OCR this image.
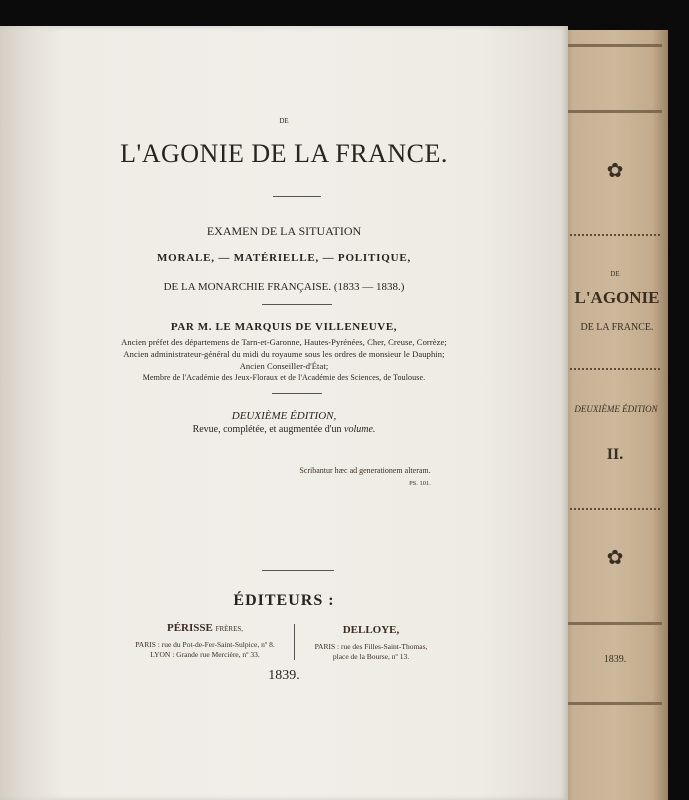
✿
DE
L'AGONIE
DE LA FRANCE.
DEUXIÈME ÉDITION
II.
✿
1839.
DE
L'AGONIE DE LA FRANCE.
EXAMEN DE LA SITUATION
MORALE, — MATÉRIELLE, — POLITIQUE,
DE LA MONARCHIE FRANÇAISE. (1833 — 1838.)
PAR M. LE MARQUIS DE VILLENEUVE,
Ancien préfet des départemens de Tarn-et-Garonne, Hautes-Pyrénées, Cher, Creuse, Corrèze;
Ancien administrateur-général du midi du royaume sous les ordres de monsieur le Dauphin;
Ancien Conseiller-d'État;
Membre de l'Académie des Jeux-Floraux et de l'Académie des Sciences, de Toulouse.
DEUXIÈME ÉDITION,
Revue, complétée, et augmentée d'un volume.
Scribantur hæc ad generationem alteram.
PS. 101.
ÉDITEURS :
PÉRISSE FRÈRES,
PARIS : rue du Pot-de-Fer-Saint-Sulpice, nº 8.
LYON : Grande rue Mercière, nº 33.
DELLOYE,
PARIS : rue des Filles-Saint-Thomas,
place de la Bourse, nº 13.
1839.
